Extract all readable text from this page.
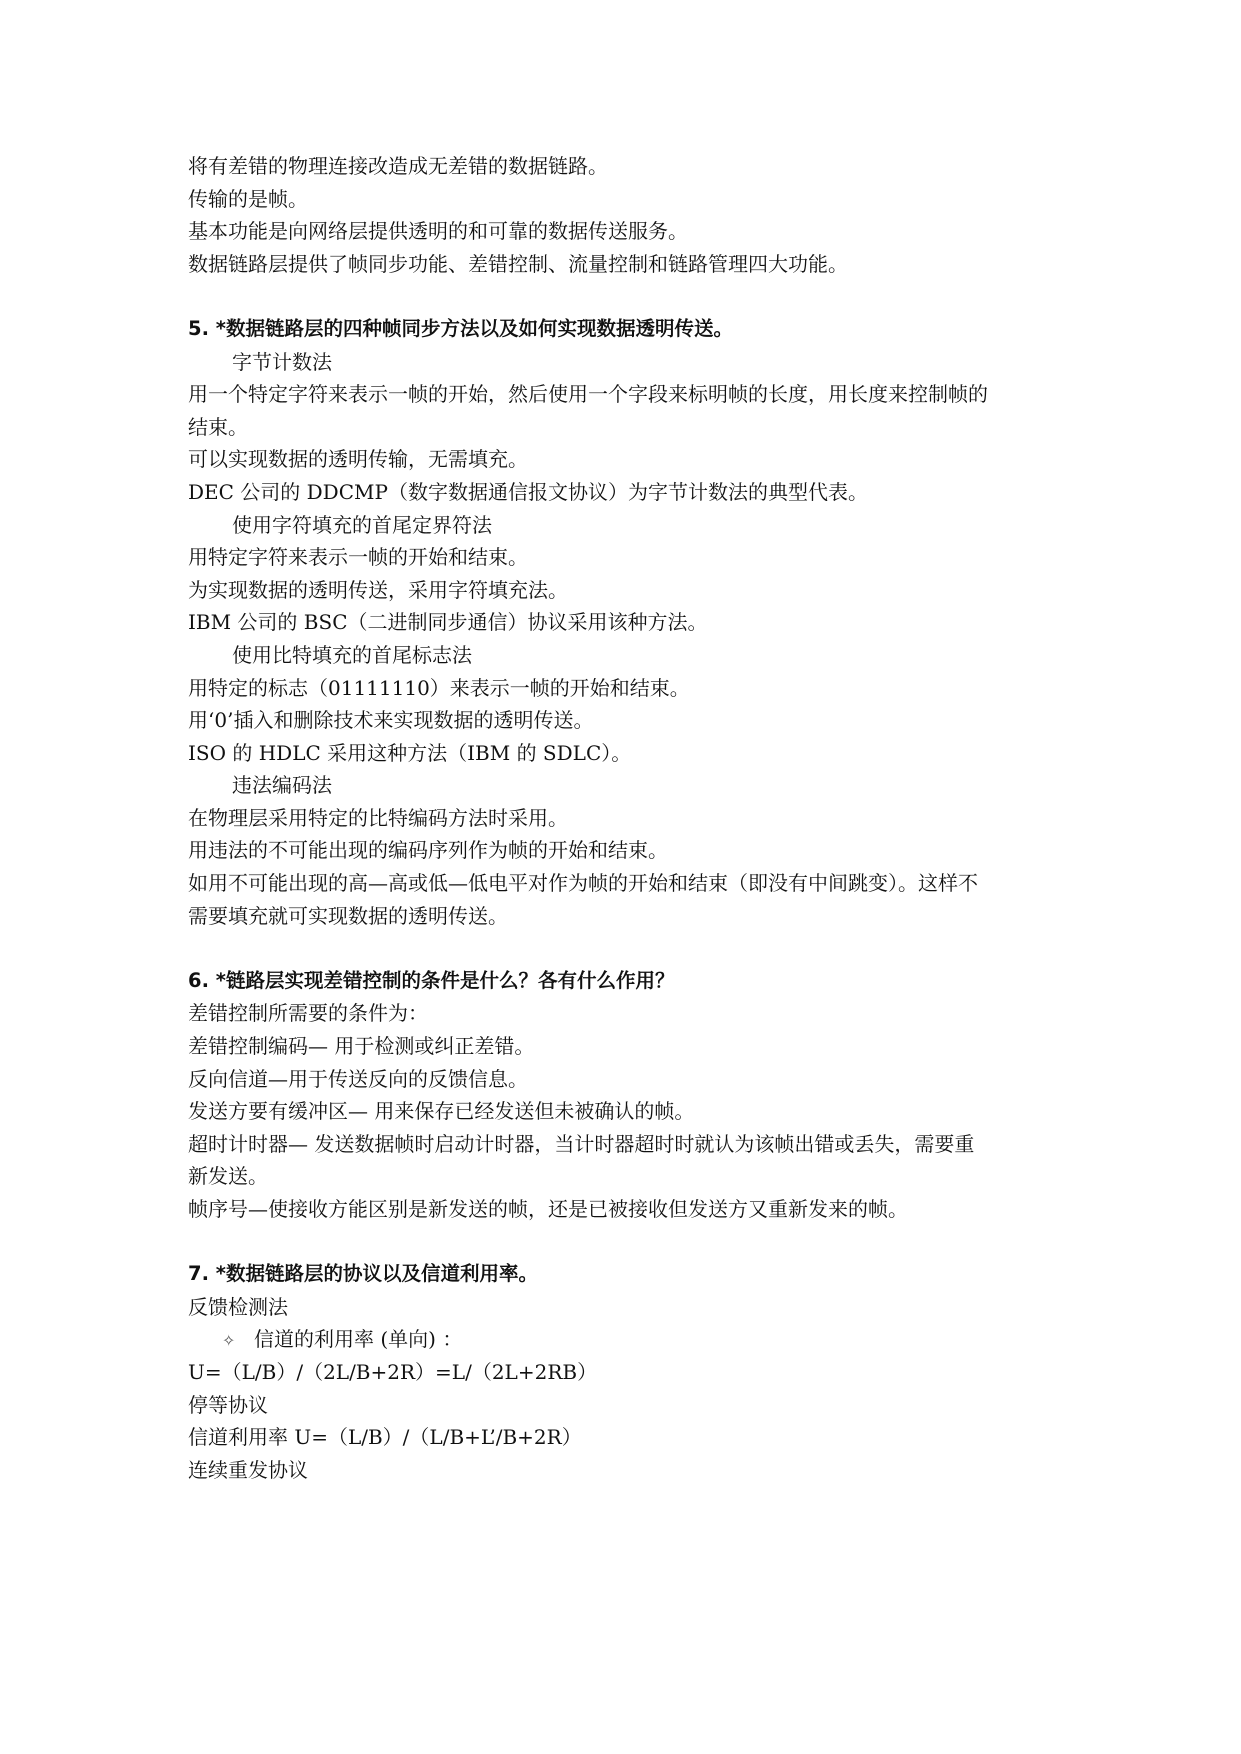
将有差错的物理连接改造成无差错的数据链路。
传输的是帧。
基本功能是向网络层提供透明的和可靠的数据传送服务。
数据链路层提供了帧同步功能、差错控制、流量控制和链路管理四大功能。
5. *数据链路层的四种帧同步方法以及如何实现数据透明传送。
字节计数法
用一个特定字符来表示一帧的开始，然后使用一个字段来标明帧的长度，用长度来控制帧的
结束。
可以实现数据的透明传输，无需填充。
DEC 公司的 DDCMP（数字数据通信报文协议）为字节计数法的典型代表。
使用字符填充的首尾定界符法
用特定字符来表示一帧的开始和结束。
为实现数据的透明传送，采用字符填充法。
IBM 公司的 BSC（二进制同步通信）协议采用该种方法。
使用比特填充的首尾标志法
用特定的标志（01111110）来表示一帧的开始和结束。
用‘0’插入和删除技术来实现数据的透明传送。
ISO 的 HDLC 采用这种方法（IBM 的 SDLC）。
违法编码法
在物理层采用特定的比特编码方法时采用。
用违法的不可能出现的编码序列作为帧的开始和结束。
如用不可能出现的高—高或低—低电平对作为帧的开始和结束（即没有中间跳变）。这样不
需要填充就可实现数据的透明传送。
6. *链路层实现差错控制的条件是什么？各有什么作用？
差错控制所需要的条件为：
差错控制编码— 用于检测或纠正差错。
反向信道—用于传送反向的反馈信息。
发送方要有缓冲区— 用来保存已经发送但未被确认的帧。
超时计时器— 发送数据帧时启动计时器，当计时器超时时就认为该帧出错或丢失，需要重
新发送。
帧序号—使接收方能区别是新发送的帧，还是已被接收但发送方又重新发来的帧。
7. *数据链路层的协议以及信道利用率。
反馈检测法
✧ 信道的利用率 (单向) ：
U=（L/B）/（2L/B+2R）=L/（2L+2RB）
停等协议
信道利用率 U=（L/B）/（L/B+L’/B+2R）
连续重发协议
